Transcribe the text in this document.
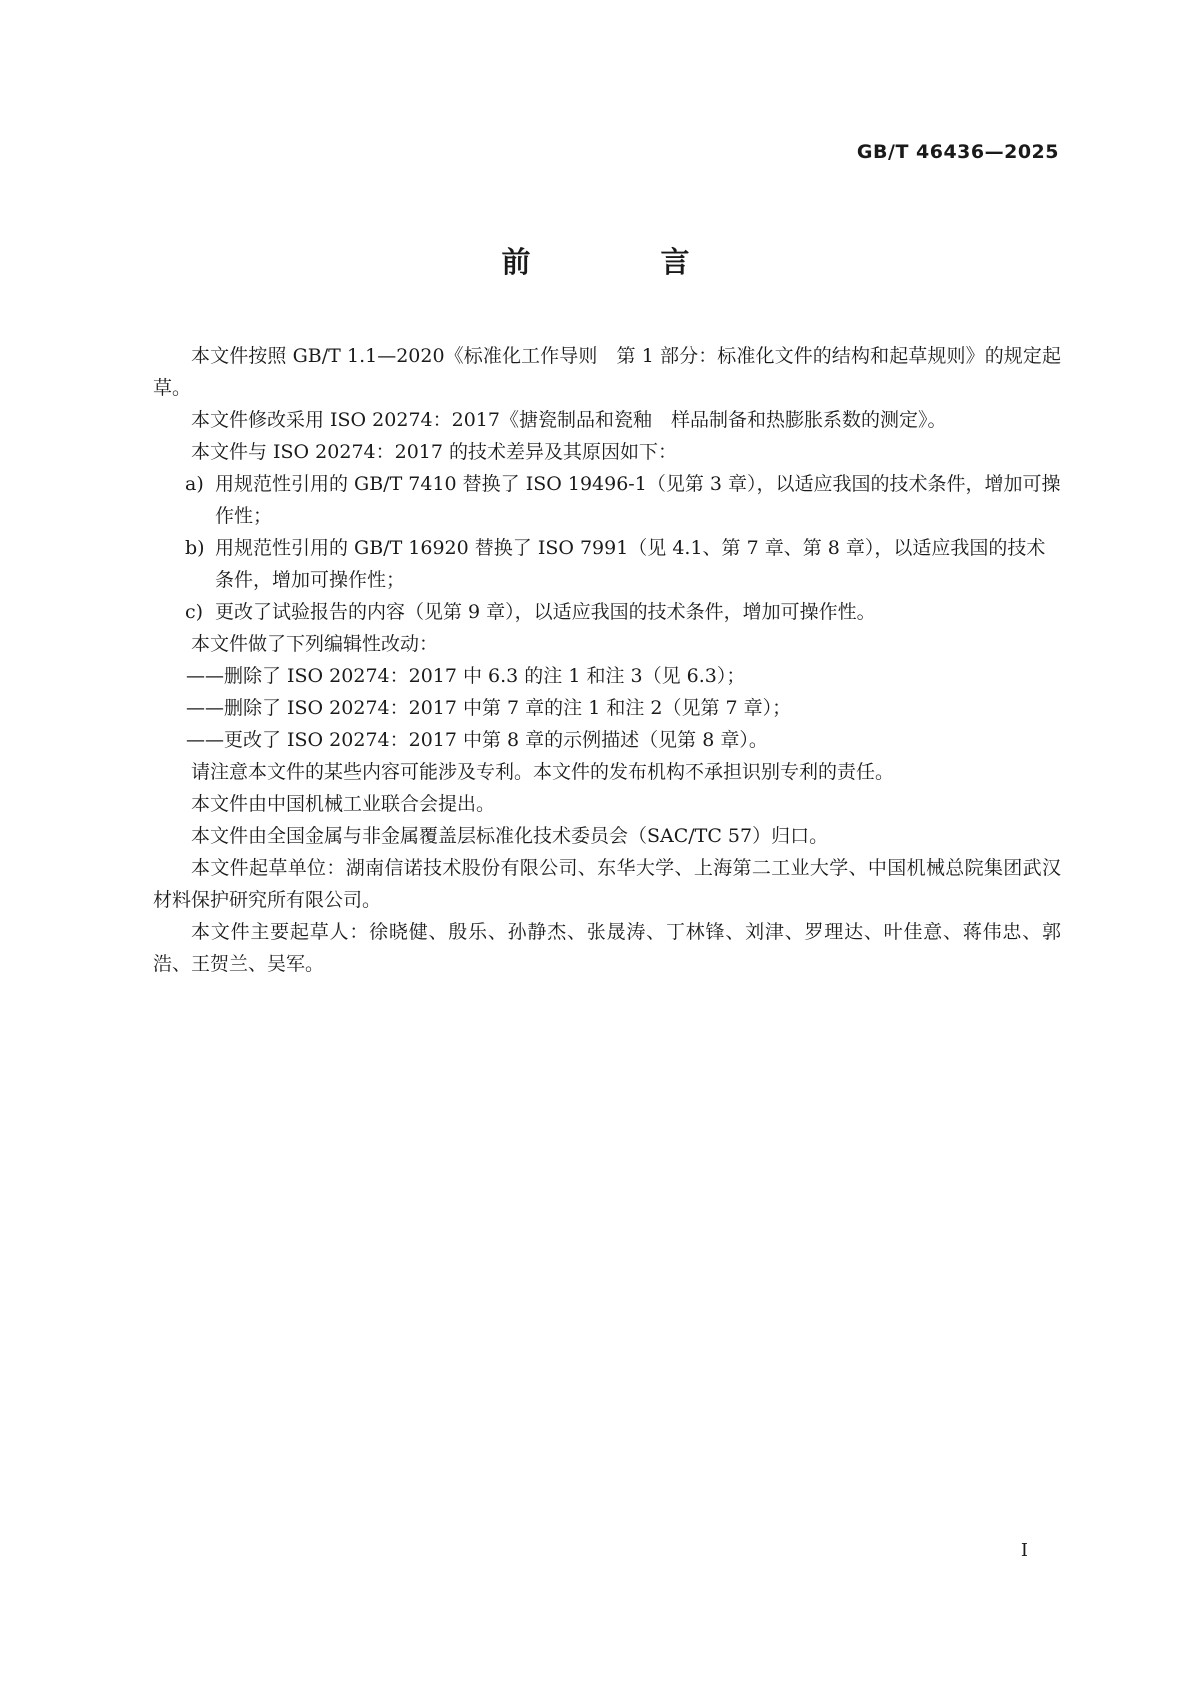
GB/T 46436—2025
前 言

本文件按照 GB/T 1.1—2020《标准化工作导则　第 1 部分：标准化文件的结构和起草规则》的规定起草。

本文件修改采用 ISO 20274：2017《搪瓷制品和瓷釉　样品制备和热膨胀系数的测定》。

本文件与 ISO 20274：2017 的技术差异及其原因如下：

a) 用规范性引用的 GB/T 7410 替换了 ISO 19496-1（见第 3 章），以适应我国的技术条件，增加可操作性；

b) 用规范性引用的 GB/T 16920 替换了 ISO 7991（见 4.1、第 7 章、第 8 章），以适应我国的技术条件，增加可操作性；

c) 更改了试验报告的内容（见第 9 章），以适应我国的技术条件，增加可操作性。

本文件做了下列编辑性改动：

——删除了 ISO 20274：2017 中 6.3 的注 1 和注 3（见 6.3）；

——删除了 ISO 20274：2017 中第 7 章的注 1 和注 2（见第 7 章）；

——更改了 ISO 20274：2017 中第 8 章的示例描述（见第 8 章）。

请注意本文件的某些内容可能涉及专利。本文件的发布机构不承担识别专利的责任。

本文件由中国机械工业联合会提出。

本文件由全国金属与非金属覆盖层标准化技术委员会（SAC/TC 57）归口。

本文件起草单位：湖南信诺技术股份有限公司、东华大学、上海第二工业大学、中国机械总院集团武汉材料保护研究所有限公司。

本文件主要起草人：徐晓健、殷乐、孙静杰、张晟涛、丁林锋、刘津、罗理达、叶佳意、蒋伟忠、郭浩、王贺兰、吴军。

I
